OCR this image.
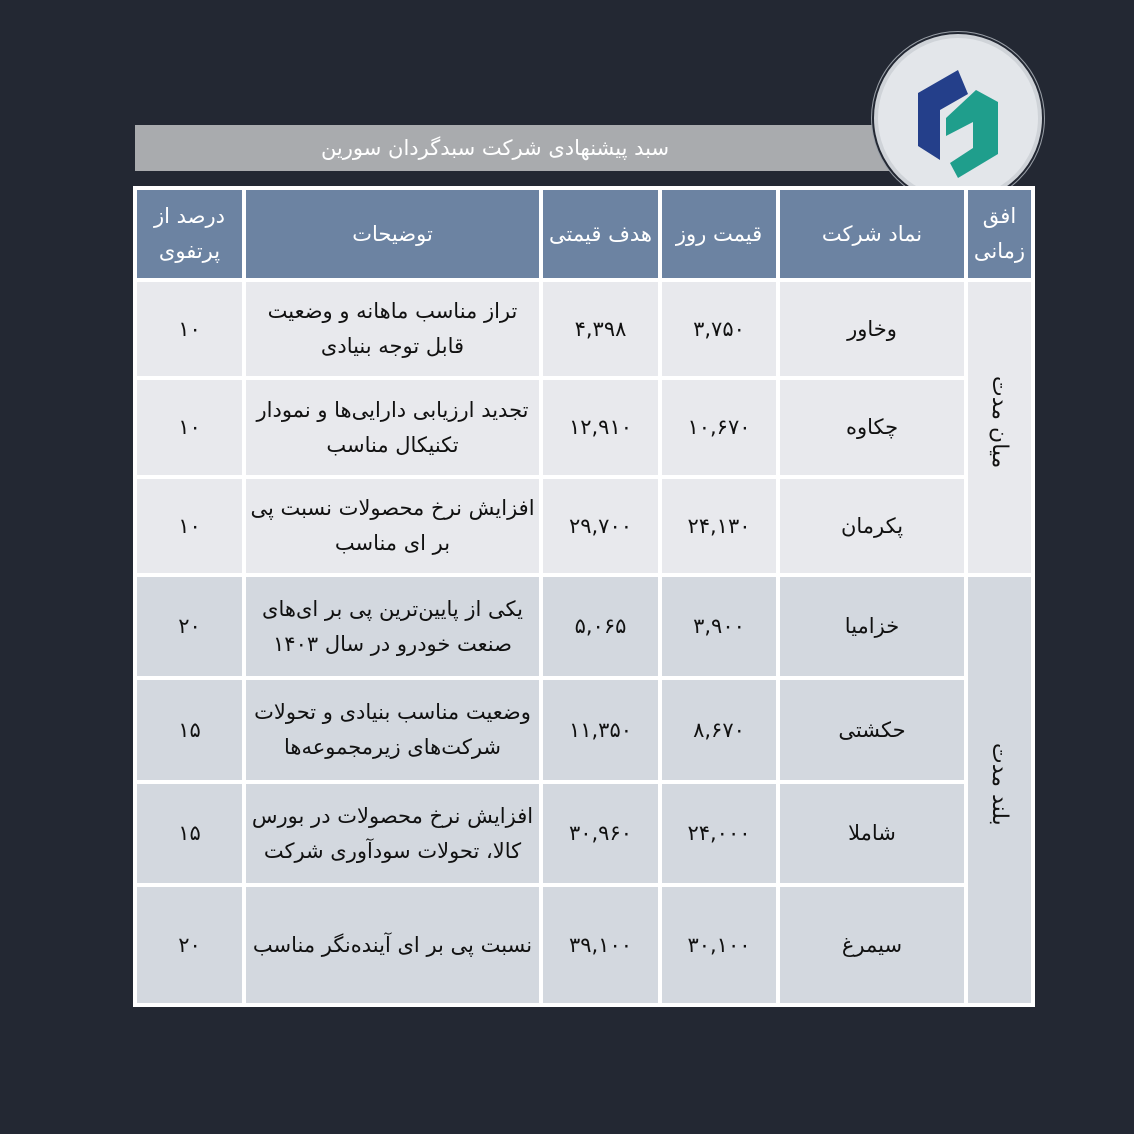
سبد پیشنهادی شرکت سبدگردان سورین
افق زمانی	نماد شرکت	قیمت روز	هدف قیمتی	توضیحات	درصد از پرتفوی
میان مدت	وخاور	۳,۷۵۰	۴,۳۹۸	تراز مناسب ماهانه و وضعیت قابل توجه بنیادی	۱۰
	چکاوه	۱۰,۶۷۰	۱۲,۹۱۰	تجدید ارزیابی دارایی‌ها و نمودار تکنیکال مناسب	۱۰
	پکرمان	۲۴,۱۳۰	۲۹,۷۰۰	افزایش نرخ محصولات نسبت پی بر ای مناسب	۱۰
بلند مدت	خزامیا	۳,۹۰۰	۵,۰۶۵	یکی از پایین‌ترین پی بر ای‌های صنعت خودرو در سال ۱۴۰۳	۲۰
	حکشتی	۸,۶۷۰	۱۱,۳۵۰	وضعیت مناسب بنیادی و تحولات شرکت‌های زیرمجموعه‌ها	۱۵
	شاملا	۲۴,۰۰۰	۳۰,۹۶۰	افزایش نرخ محصولات در بورس کالا، تحولات سودآوری شرکت	۱۵
	سیمرغ	۳۰,۱۰۰	۳۹,۱۰۰	نسبت پی بر ای آینده‌نگر مناسب	۲۰
